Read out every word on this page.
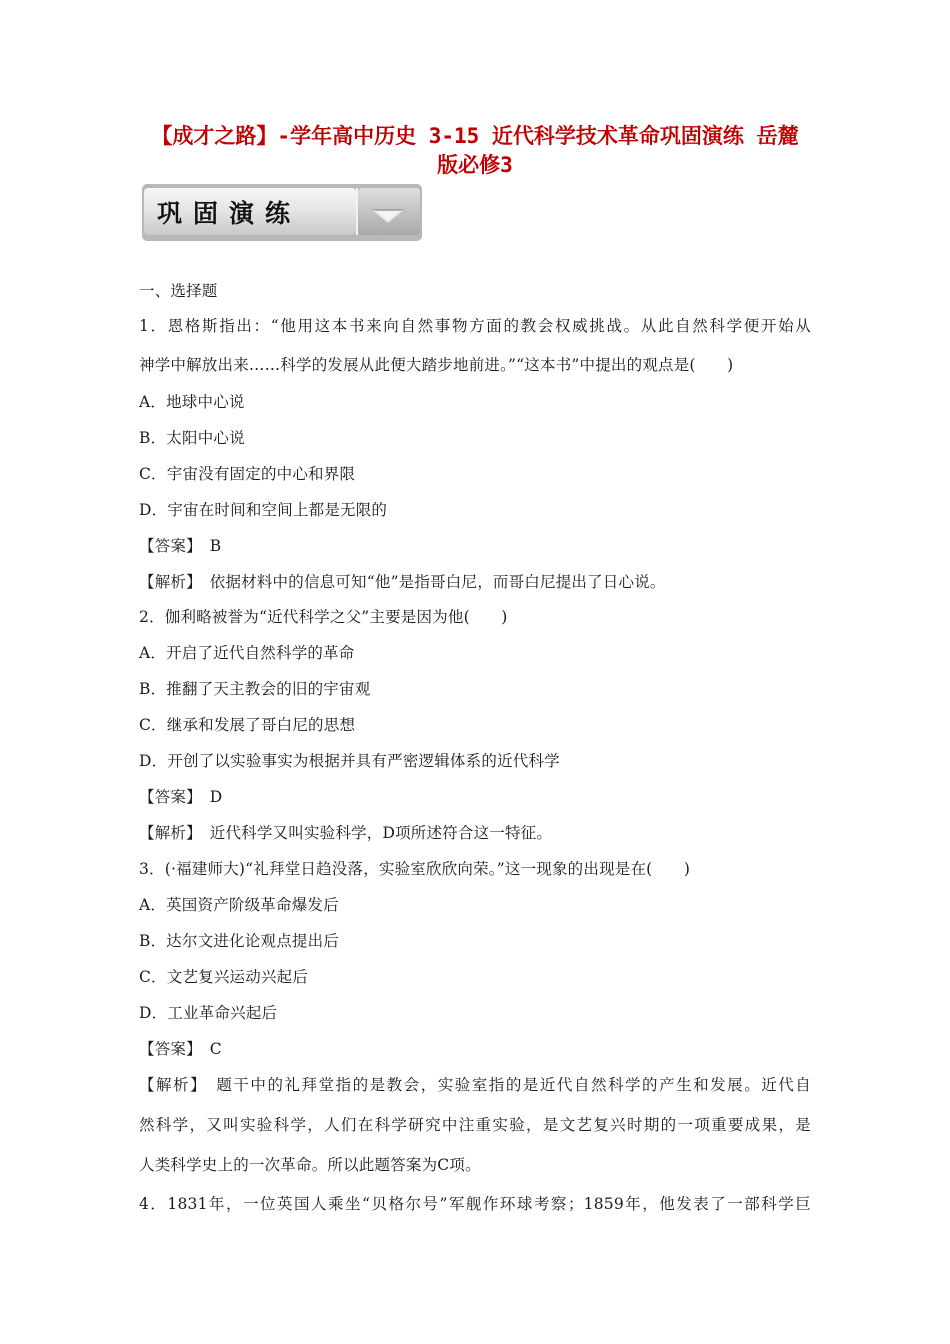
【成才之路】-学年高中历史 3-15 近代科学技术革命巩固演练 岳麓
版必修3
巩固演练
一、选择题
1．恩格斯指出：“他用这本书来向自然事物方面的教会权威挑战。从此自然科学便开始从
神学中解放出来……科学的发展从此便大踏步地前进。”“这本书”中提出的观点是(　　)
A．地球中心说
B．太阳中心说
C．宇宙没有固定的中心和界限
D．宇宙在时间和空间上都是无限的
【答案】　B
【解析】　依据材料中的信息可知“他”是指哥白尼，而哥白尼提出了日心说。
2．伽利略被誉为“近代科学之父”主要是因为他(　　)
A．开启了近代自然科学的革命
B．推翻了天主教会的旧的宇宙观
C．继承和发展了哥白尼的思想
D．开创了以实验事实为根据并具有严密逻辑体系的近代科学
【答案】　D
【解析】　近代科学又叫实验科学，D项所述符合这一特征。
3．(·福建师大)“礼拜堂日趋没落，实验室欣欣向荣。”这一现象的出现是在(　　)
A．英国资产阶级革命爆发后
B．达尔文进化论观点提出后
C．文艺复兴运动兴起后
D．工业革命兴起后
【答案】　C
【解析】　题干中的礼拜堂指的是教会，实验室指的是近代自然科学的产生和发展。近代自
然科学，又叫实验科学，人们在科学研究中注重实验，是文艺复兴时期的一项重要成果，是
人类科学史上的一次革命。所以此题答案为C项。
4．1831年，一位英国人乘坐“贝格尔号”军舰作环球考察；1859年，他发表了一部科学巨
